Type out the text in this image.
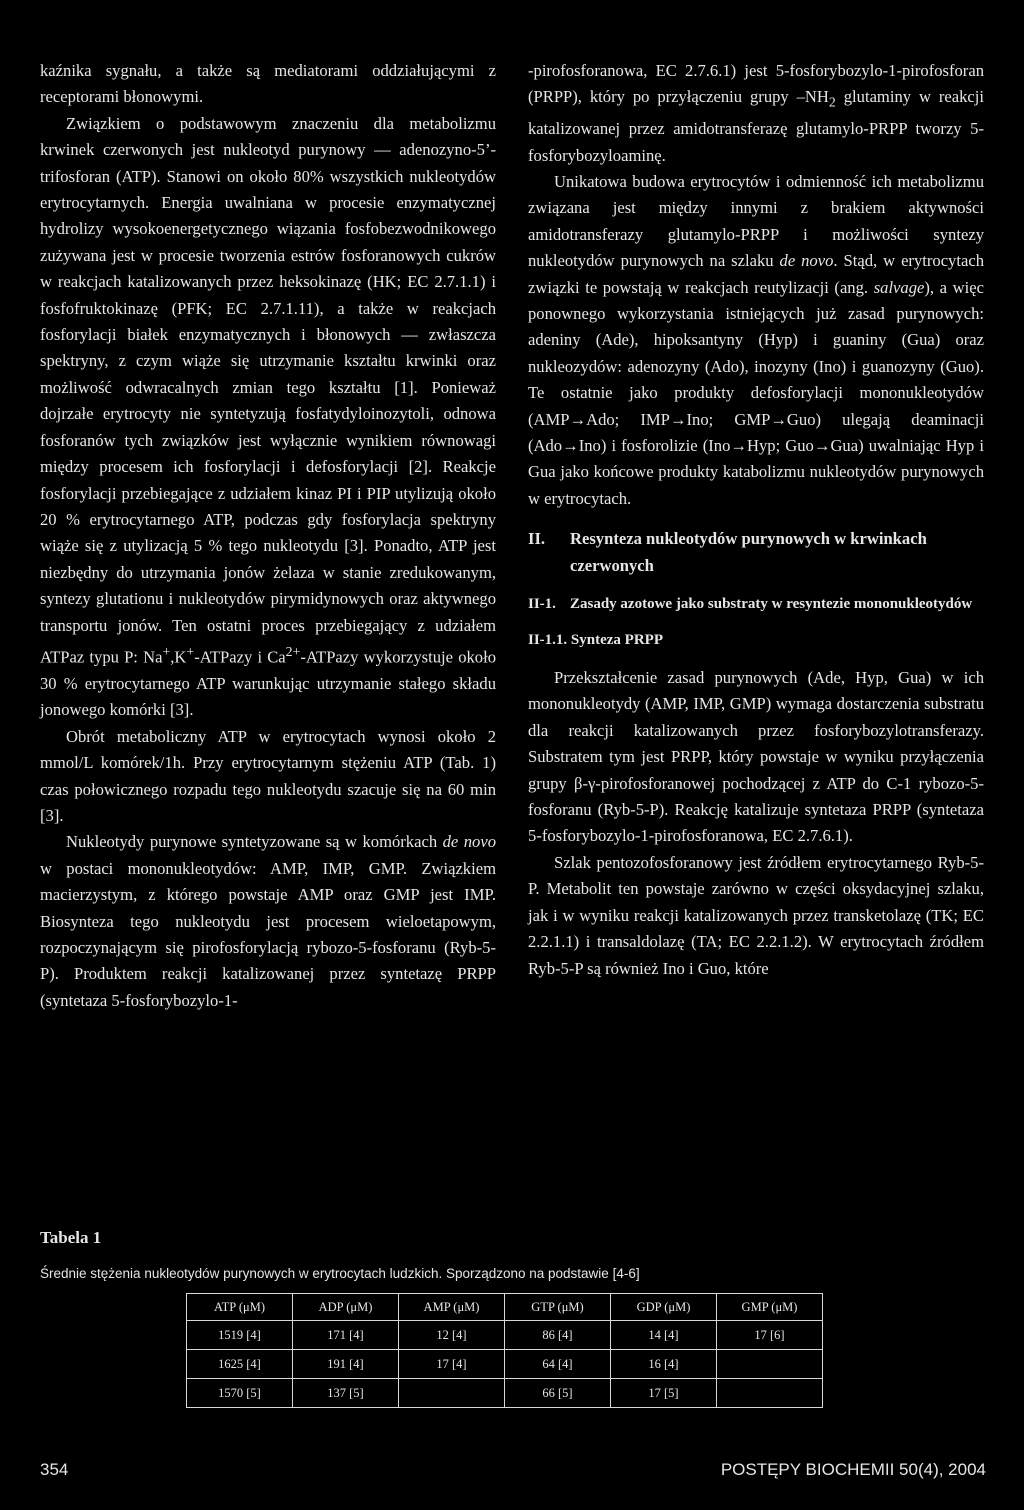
kaźnika sygnału, a także są mediatorami oddziałującymi z receptorami błonowymi.

Związkiem o podstawowym znaczeniu dla metabolizmu krwinek czerwonych jest nukleotyd purynowy — adenozyno-5’-trifosforan (ATP). Stanowi on około 80% wszystkich nukleotydów erytrocytarnych. Energia uwalniana w procesie enzymatycznej hydrolizy wysokoenergetycznego wiązania fosfobezwodnikowego zużywana jest w procesie tworzenia estrów fosforanowych cukrów w reakcjach katalizowanych przez heksokinazę (HK; EC 2.7.1.1) i fosfofruktokinazę (PFK; EC 2.7.1.11), a także w reakcjach fosforylacji białek enzymatycznych i błonowych — zwłaszcza spektryny, z czym wiąże się utrzymanie kształtu krwinki oraz możliwość odwracalnych zmian tego kształtu [1]. Ponieważ dojrzałe erytrocyty nie syntetyzują fosfatydyloinozytoli, odnowa fosforanów tych związków jest wyłącznie wynikiem równowagi między procesem ich fosforylacji i defosforylacji [2]. Reakcje fosforylacji przebiegające z udziałem kinaz PI i PIP utylizują około 20 % erytrocytarnego ATP, podczas gdy fosforylacja spektryny wiąże się z utylizacją 5 % tego nukleotydu [3]. Ponadto, ATP jest niezbędny do utrzymania jonów żelaza w stanie zredukowanym, syntezy glutationu i nukleotydów pirymidynowych oraz aktywnego transportu jonów. Ten ostatni proces przebiegający z udziałem ATPaz typu P: Na+,K+-ATPazy i $Ca^{2+}$-ATPazy wykorzystuje około 30 % erytrocytarnego ATP warunkując utrzymanie stałego składu jonowego komórki [3].

Obrót metaboliczny ATP w erytrocytach wynosi około 2 mmol/L komórek/1h. Przy erytrocytarnym stężeniu ATP (Tab. 1) czas połowicznego rozpadu tego nukleotydu szacuje się na 60 min [3].

Nukleotydy purynowe syntetyzowane są w komórkach de novo w postaci mononukleotydów: AMP, IMP, GMP. Związkiem macierzystym, z którego powstaje AMP oraz GMP jest IMP. Biosynteza tego nukleotydu jest procesem wieloetapowym, rozpoczynającym się pirofosforylacją rybozo-5-fosforanu (Ryb-5-P). Produktem reakcji katalizowanej przez syntetazę PRPP (syntetaza 5-fosforybozylo-1-

-pirofosforanowa, EC 2.7.6.1) jest 5-fosforybozylo-1-pirofosforan (PRPP), który po przyłączeniu grupy $-NH_2$ glutaminy w reakcji katalizowanej przez amidotransferazę glutamylo-PRPP tworzy 5-fosforybozyloaminę.

Unikatowa budowa erytrocytów i odmienność ich metabolizmu związana jest między innymi z brakiem aktywności amidotransferazy glutamylo-PRPP i możliwości syntezy nukleotydów purynowych na szlaku de novo. Stąd, w erytrocytach związki te powstają w reakcjach reutylizacji (ang. salvage), a więc ponownego wykorzystania istniejących już zasad purynowych: adeniny (Ade), hipoksantyny (Hyp) i guaniny (Gua) oraz nukleozydów: adenozyny (Ado), inozyny (Ino) i guanozyny (Guo). Te ostatnie jako produkty defosforylacji mononukleotydów (AMP→Ado; IMP→Ino; GMP→Guo) ulegają deaminacji (Ado→Ino) i fosforolizie (Ino→Hyp; Guo→Gua) uwalniając Hyp i Gua jako końcowe produkty katabolizmu nukleotydów purynowych w erytrocytach.

II.	Resynteza nukleotydów purynowych w krwinkach czerwonych
II-1. Zasady azotowe jako substraty w resyntezie mononukleotydów
II-1.1. Synteza PRPP

Przekształcenie zasad purynowych (Ade, Hyp, Gua) w ich mononukleotydy (AMP, IMP, GMP) wymaga dostarczenia substratu dla reakcji katalizowanych przez fosforybozylotransferazy. Substratem tym jest PRPP, który powstaje w wyniku przyłączenia grupy β-γ-pirofosforanowej pochodzącej z ATP do C-1 rybozo-5-fosforanu (Ryb-5-P). Reakcję katalizuje syntetaza PRPP (syntetaza 5-fosforybozylo-1-pirofosforanowa, EC 2.7.6.1).

Szlak pentozofosforanowy jest źródłem erytrocytarnego Ryb-5-P. Metabolit ten powstaje zarówno w części oksydacyjnej szlaku, jak i w wyniku reakcji katalizowanych przez transketolazę (TK; EC 2.2.1.1) i transaldolazę (TA; EC 2.2.1.2). W erytrocytach źródłem Ryb-5-P są również Ino i Guo, które

Tabela 1
Średnie stężenia nukleotydów purynowych w erytrocytach ludzkich. Sporządzono na podstawie [4-6]
ATP (μM)	ADP (μM)	AMP (μM)	GTP (μM)	GDP (μM)	GMP (μM)
1519 [4]	171 [4]	12 [4]	86 [4]	14 [4]	17 [6]
1625 [4]	191 [4]	17 [4]	64 [4]	16 [4]	
1570 [5]	137 [5]		66 [5]	17 [5]	
354	POSTĘPY BIOCHEMII 50(4), 2004
